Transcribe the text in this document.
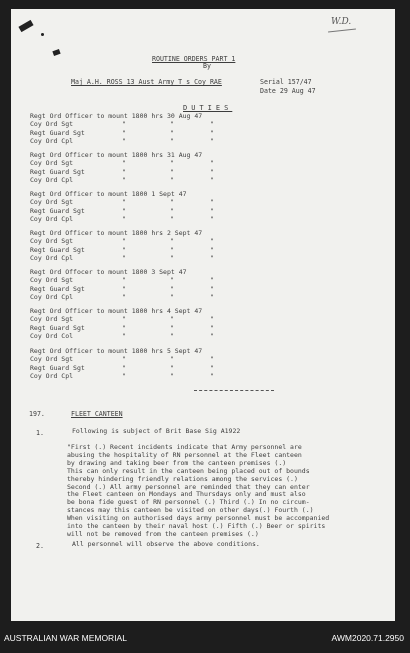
W.D.
ROUTINE ORDERS PART 1
By
Maj A.H. ROSS 13 Aust Army T s Coy RAE	Serial 157/47
Date 29 Aug 47
DUTIES
Regt Ord Officer to mount 1800 hrs 30 Aug 47
Coy Ord Sgt	"	"	"
Regt Guard Sgt	"	"	"
Coy Ord Cpl	"	"	"
Regt Ord Officer to mount 1800 hrs 31 Aug 47
Coy Ord Sgt	"	"	"
Regt Guard Sgt	"	"	"
Coy Ord Cpl	"	"	"
Regt Ord Officer to mount 1800 1 Sept 47
Coy Ord Sgt	"	"	"
Regt Guard Sgt	"	"	"
Coy Ord Cpl	"	"	"
Regt Ord Officer to mount 1800 hrs 2 Sept 47
Coy Ord Sgt	"	"	"
Regt Guard Sgt	"	"	"
Coy Ord Cpl	"	"	"
Regt Ord Offocer to mount 1800 3 Sept 47
Coy Ord Sgt	"	"	"
Regt Guard Sgt	"	"	"
Coy Ord Cpl	"	"	"
Regt Ord Officer to mount 1800 hrs 4 Sept 47
Coy Ord Sgt	"	"	"
Regt Guard Sgt	"	"	"
Coy Ord Col	"	"	"
Regt Ord Officer to mount 1800 hrs 5 Sept 47
Coy Ord Sgt	"	"	"
Regt Guard Sgt	"	"	"
Coy Ord Cpl	"	"	"
197.	FLEET CANTEEN
1.	Following is subject of Brit Base Sig A1922
"First (.) Recent incidents indicate that Army personnel are
abusing the hospitality of RN personnel at the Fleet canteen
by drawing and taking beer from the canteen premises (.)
This can only result in the canteen being placed out of bounds
thereby hindering friendly relations among the services (.)
Second (.) All army personnel are reminded that they can enter
the Fleet canteen on Mondays and Thursdays only and must also
be bona fide guest of RN personnel (.) Third (.) In no circum-
stances may this canteen be visited on other days(.) Fourth (.)
When visiting on authorised days army personnel must be accompanied
into the canteen by their naval host (.) Fifth (.) Beer or spirits
will not be removed from the canteen premises (.)
2.	All personnel will observe the above conditions.
AUSTRALIAN WAR MEMORIAL	AWM2020.71.2950
